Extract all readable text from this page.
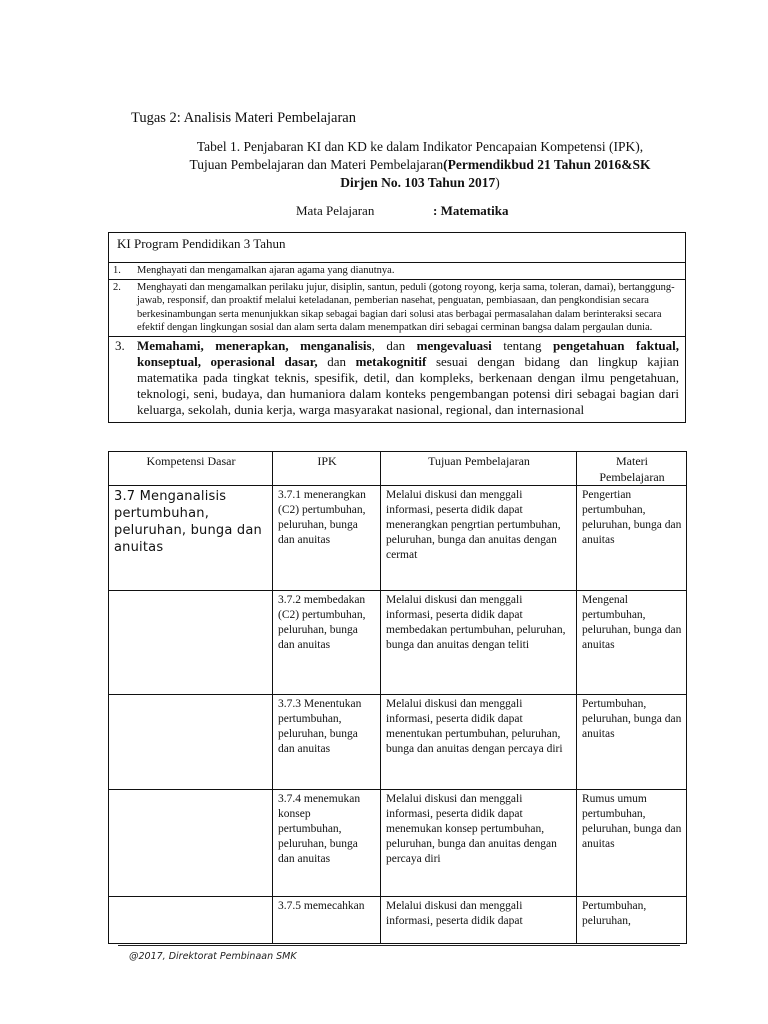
Tugas 2: Analisis Materi Pembelajaran
Tabel 1. Penjabaran KI dan KD ke dalam Indikator Pencapaian Kompetensi (IPK),
Tujuan Pembelajaran dan Materi Pembelajaran(Permendikbud 21 Tahun 2016&SK
Dirjen No. 103 Tahun 2017)
Mata Pelajaran	: Matematika
KI Program Pendidikan 3 Tahun

1.	Menghayati dan mengamalkan ajaran agama yang dianutnya.

2.	Menghayati dan mengamalkan perilaku jujur, disiplin, santun, peduli (gotong royong, kerja sama, toleran, damai), bertanggung-jawab, responsif, dan proaktif melalui keteladanan, pemberian nasehat, penguatan, pembiasaan, dan pengkondisian secara berkesinambungan serta menunjukkan sikap sebagai bagian dari solusi atas berbagai permasalahan dalam berinteraksi secara efektif dengan lingkungan sosial dan alam serta dalam menempatkan diri sebagai cerminan bangsa dalam pergaulan dunia.

3. Memahami, menerapkan, menganalisis, dan mengevaluasi tentang pengetahuan faktual, konseptual, operasional dasar, dan metakognitif sesuai dengan bidang dan lingkup kajian matematika pada tingkat teknis, spesifik, detil, dan kompleks, berkenaan dengan ilmu pengetahuan, teknologi, seni, budaya, dan humaniora dalam konteks pengembangan potensi diri sebagai bagian dari keluarga, sekolah, dunia kerja, warga masyarakat nasional, regional, dan internasional
Kompetensi Dasar	IPK	Tujuan Pembelajaran	Materi Pembelajaran
3.7 Menganalisis pertumbuhan, peluruhan, bunga dan anuitas	3.7.1 menerangkan (C2) pertumbuhan, peluruhan, bunga dan anuitas	Melalui diskusi dan menggali informasi, peserta didik dapat menerangkan pengrtian pertumbuhan, peluruhan, bunga dan anuitas dengan cermat	Pengertian pertumbuhan, peluruhan, bunga dan anuitas
	3.7.2 membedakan (C2) pertumbuhan, peluruhan, bunga dan anuitas	Melalui diskusi dan menggali informasi, peserta didik dapat membedakan pertumbuhan, peluruhan, bunga dan anuitas dengan teliti	Mengenal pertumbuhan, peluruhan, bunga dan anuitas
	3.7.3 Menentukan pertumbuhan, peluruhan, bunga dan anuitas	Melalui diskusi dan menggali informasi, peserta didik dapat menentukan pertumbuhan, peluruhan, bunga dan anuitas dengan percaya diri	Pertumbuhan, peluruhan, bunga dan anuitas
	3.7.4 menemukan konsep pertumbuhan, peluruhan, bunga dan anuitas	Melalui diskusi dan menggali informasi, peserta didik dapat menemukan konsep pertumbuhan, peluruhan, bunga dan anuitas dengan percaya diri	Rumus umum pertumbuhan, peluruhan, bunga dan anuitas
	3.7.5 memecahkan	Melalui diskusi dan menggali informasi, peserta didik dapat	Pertumbuhan, peluruhan,
@2017, Direktorat Pembinaan SMK
